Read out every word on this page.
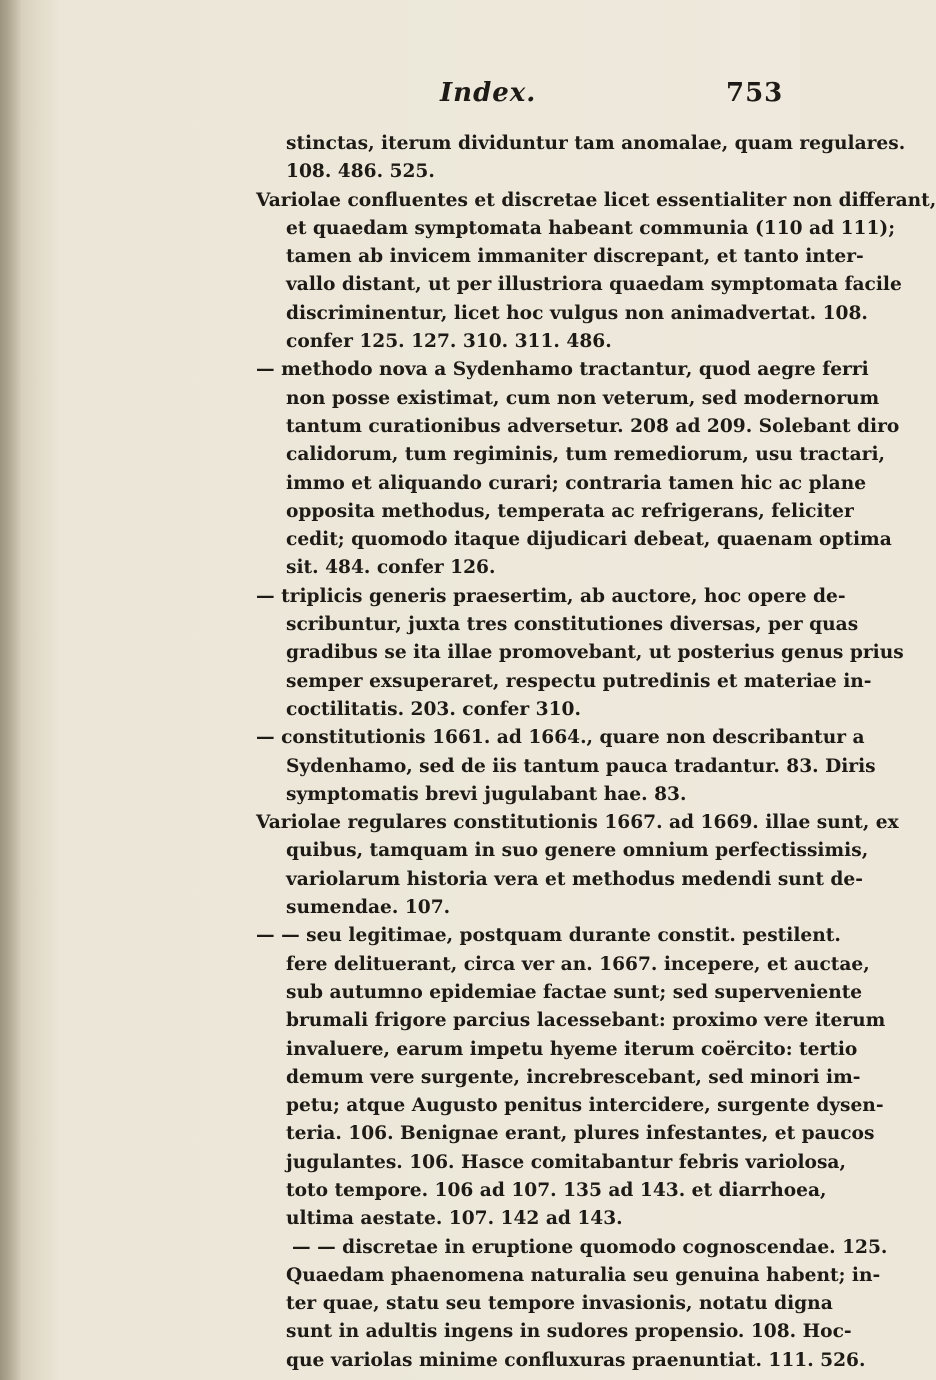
Index.	753
stinctas, iterum dividuntur tam anomalae, quam regulares.
108. 486. 525.
Variolae confluentes et discretae licet essentialiter non differant,
et quaedam symptomata habeant communia (110 ad 111);
tamen ab invicem immaniter discrepant, et tanto inter-
vallo distant, ut per illustriora quaedam symptomata facile
discriminentur, licet hoc vulgus non animadvertat. 108.
confer 125. 127. 310. 311. 486.
— methodo nova a Sydenhamo tractantur, quod aegre ferri
non posse existimat, cum non veterum, sed modernorum
tantum curationibus adversetur. 208 ad 209. Solebant diro
calidorum, tum regiminis, tum remediorum, usu tractari,
immo et aliquando curari; contraria tamen hic ac plane
opposita methodus, temperata ac refrigerans, feliciter
cedit; quomodo itaque dijudicari debeat, quaenam optima
sit. 484. confer 126.
— triplicis generis praesertim, ab auctore, hoc opere de-
scribuntur, juxta tres constitutiones diversas, per quas
gradibus se ita illae promovebant, ut posterius genus prius
semper exsuperaret, respectu putredinis et materiae in-
coctilitatis. 203. confer 310.
— constitutionis 1661. ad 1664., quare non describantur a
Sydenhamo, sed de iis tantum pauca tradantur. 83. Diris
symptomatis brevi jugulabant hae. 83.
Variolae regulares constitutionis 1667. ad 1669. illae sunt, ex
quibus, tamquam in suo genere omnium perfectissimis,
variolarum historia vera et methodus medendi sunt de-
sumendae. 107.
— — seu legitimae, postquam durante constit. pestilent.
fere delituerant, circa ver an. 1667. incepere, et auctae,
sub autumno epidemiae factae sunt; sed superveniente
brumali frigore parcius lacessebant: proximo vere iterum
invaluere, earum impetu hyeme iterum coërcito: tertio
demum vere surgente, increbrescebant, sed minori im-
petu; atque Augusto penitus intercidere, surgente dysen-
teria. 106. Benignae erant, plures infestantes, et paucos
jugulantes. 106. Hasce comitabantur febris variolosa,
toto tempore. 106 ad 107. 135 ad 143. et diarrhoea,
ultima aestate. 107. 142 ad 143.
— — discretae in eruptione quomodo cognoscendae. 125.
Quaedam phaenomena naturalia seu genuina habent; in-
ter quae, statu seu tempore invasionis, notatu digna
sunt in adultis ingens in sudores propensio. 108. Hoc-
que variolas minime confluxuras praenuntiat. 111. 526.
